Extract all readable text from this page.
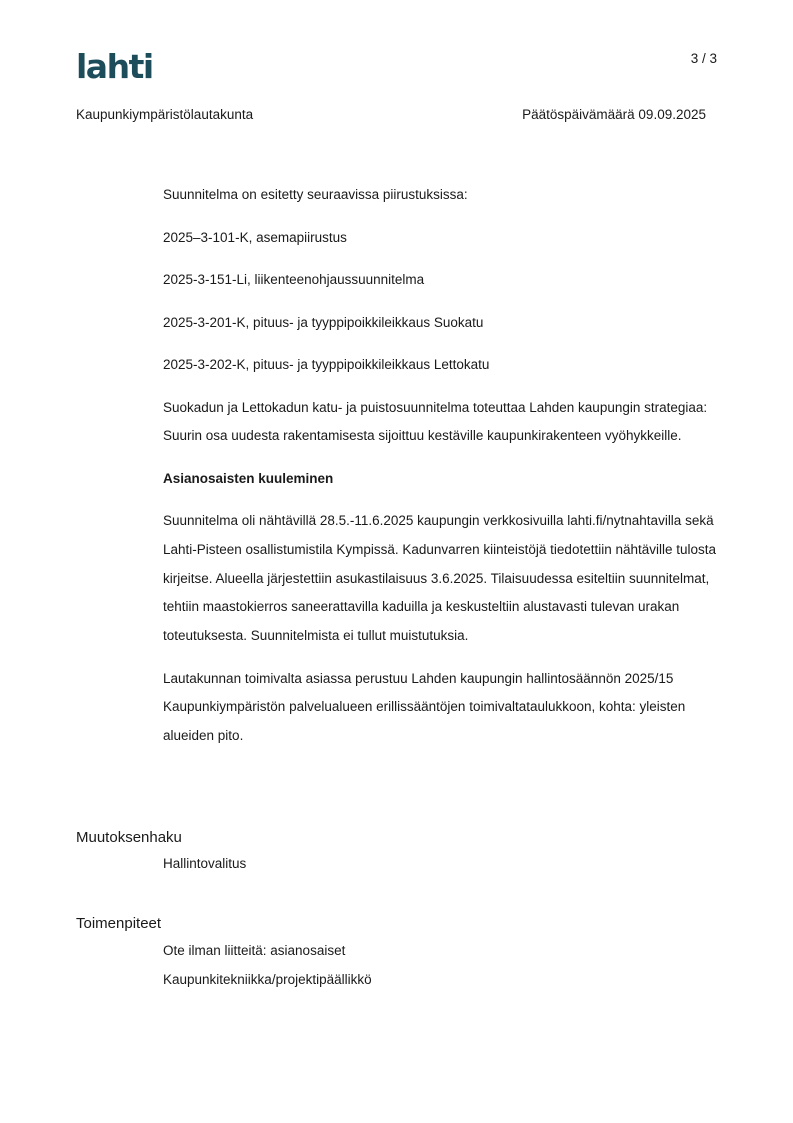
lahti	3 / 3
Kaupunkiympäristölautakunta	Päätöspäivämäärä 09.09.2025

Suunnitelma on esitetty seuraavissa piirustuksissa:

2025–3-101-K, asemapiirustus

2025-3-151-Li, liikenteenohjaussuunnitelma

2025-3-201-K, pituus- ja tyyppipoikkileikkaus Suokatu

2025-3-202-K, pituus- ja tyyppipoikkileikkaus Lettokatu

Suokadun ja Lettokadun katu- ja puistosuunnitelma toteuttaa Lahden kaupungin strategiaa: Suurin osa uudesta rakentamisesta sijoittuu kestäville kaupunkirakenteen vyöhykkeille.

Asianosaisten kuuleminen

Suunnitelma oli nähtävillä 28.5.-11.6.2025 kaupungin verkkosivuilla lahti.fi/nytnahtavilla sekä Lahti-Pisteen osallistumistila Kympissä. Kadunvarren kiinteistöjä tiedotettiin nähtäville tulosta kirjeitse. Alueella järjestettiin asukastilaisuus 3.6.2025. Tilaisuudessa esiteltiin suunnitelmat, tehtiin maastokierros saneerattavilla kaduilla ja keskusteltiin alustavasti tulevan urakan toteutuksesta. Suunnitelmista ei tullut muistutuksia.

Lautakunnan toimivalta asiassa perustuu Lahden kaupungin hallintosäännön 2025/15 Kaupunkiympäristön palvelualueen erillissääntöjen toimivaltataulukkoon, kohta: yleisten alueiden pito.

Muutoksenhaku
Hallintovalitus
Toimenpiteet
Ote ilman liitteitä: asianosaiset
Kaupunkitekniikka/projektipäällikkö
